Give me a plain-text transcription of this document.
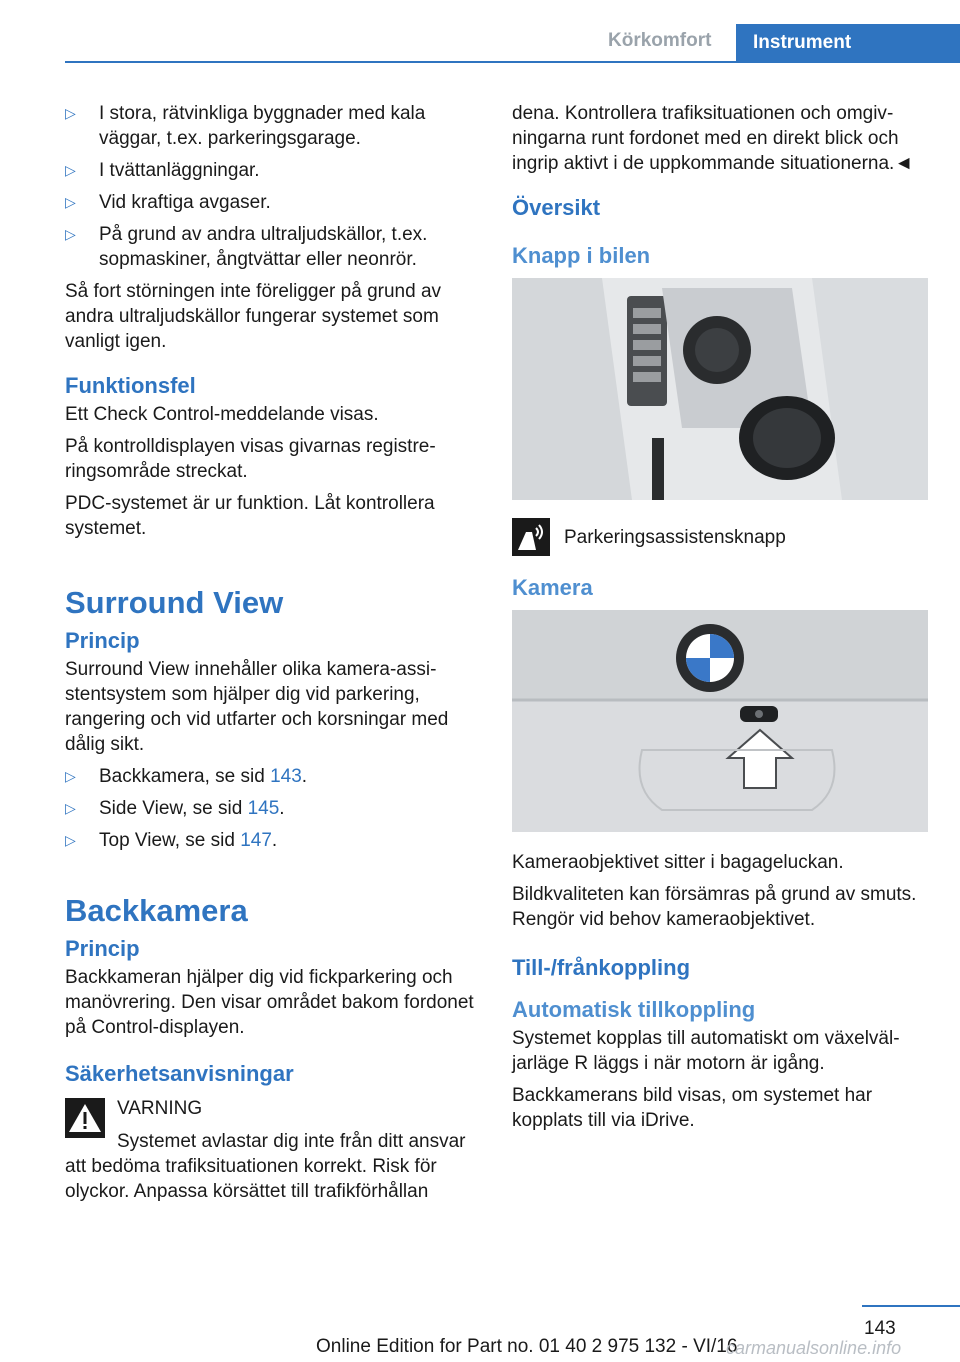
Körkomfort	Instrument
▷ I stora, rätvinkliga byggnader med kala väggar, t.ex. parkeringsgarage.
▷ I tvättanläggningar.
▷ Vid kraftiga avgaser.
▷ På grund av andra ultraljudskällor, t.ex. sopmaskiner, ångtvättar eller neonrör.

Så fort störningen inte föreligger på grund av andra ultraljudskällor fungerar systemet som vanligt igen.

Funktionsfel

Ett Check Control-meddelande visas.

På kontrolldisplayen visas givarnas registreringsområde streckat.

PDC-systemet är ur funktion. Låt kontrollera systemet.

Surround View
Princip

Surround View innehåller olika kamera-assistentsystem som hjälper dig vid parkering, rangering och vid utfarter och korsningar med dålig sikt.

▷ Backkamera, se sid 143.
▷ Side View, se sid 145.
▷ Top View, se sid 147.
Backkamera
Princip

Backkameran hjälper dig vid fickparkering och manövrering. Den visar området bakom fordonet på Control-displayen.

Säkerhetsanvisningar
VARNING
Systemet avlastar dig inte från ditt ansvar att bedöma trafiksituationen korrekt. Risk för olyckor. Anpassa körsättet till trafikförhållan

dena. Kontrollera trafiksituationen och omgivningarna runt fordonet med en direkt blick och ingrip aktivt i de uppkommande situationerna.◄

Översikt
Knapp i bilen
Parkeringsassistensknapp
Kamera

Kameraobjektivet sitter i bagageluckan.

Bildkvaliteten kan försämras på grund av smuts. Rengör vid behov kameraobjektivet.

Till-/frånkoppling
Automatisk tillkoppling

Systemet kopplas till automatiskt om växelväljarläge R läggs i när motorn är igång.

Backkamerans bild visas, om systemet har kopplats till via iDrive.

143
Online Edition for Part no. 01 40 2 975 132 - VI/16
carmanualsonline.info
